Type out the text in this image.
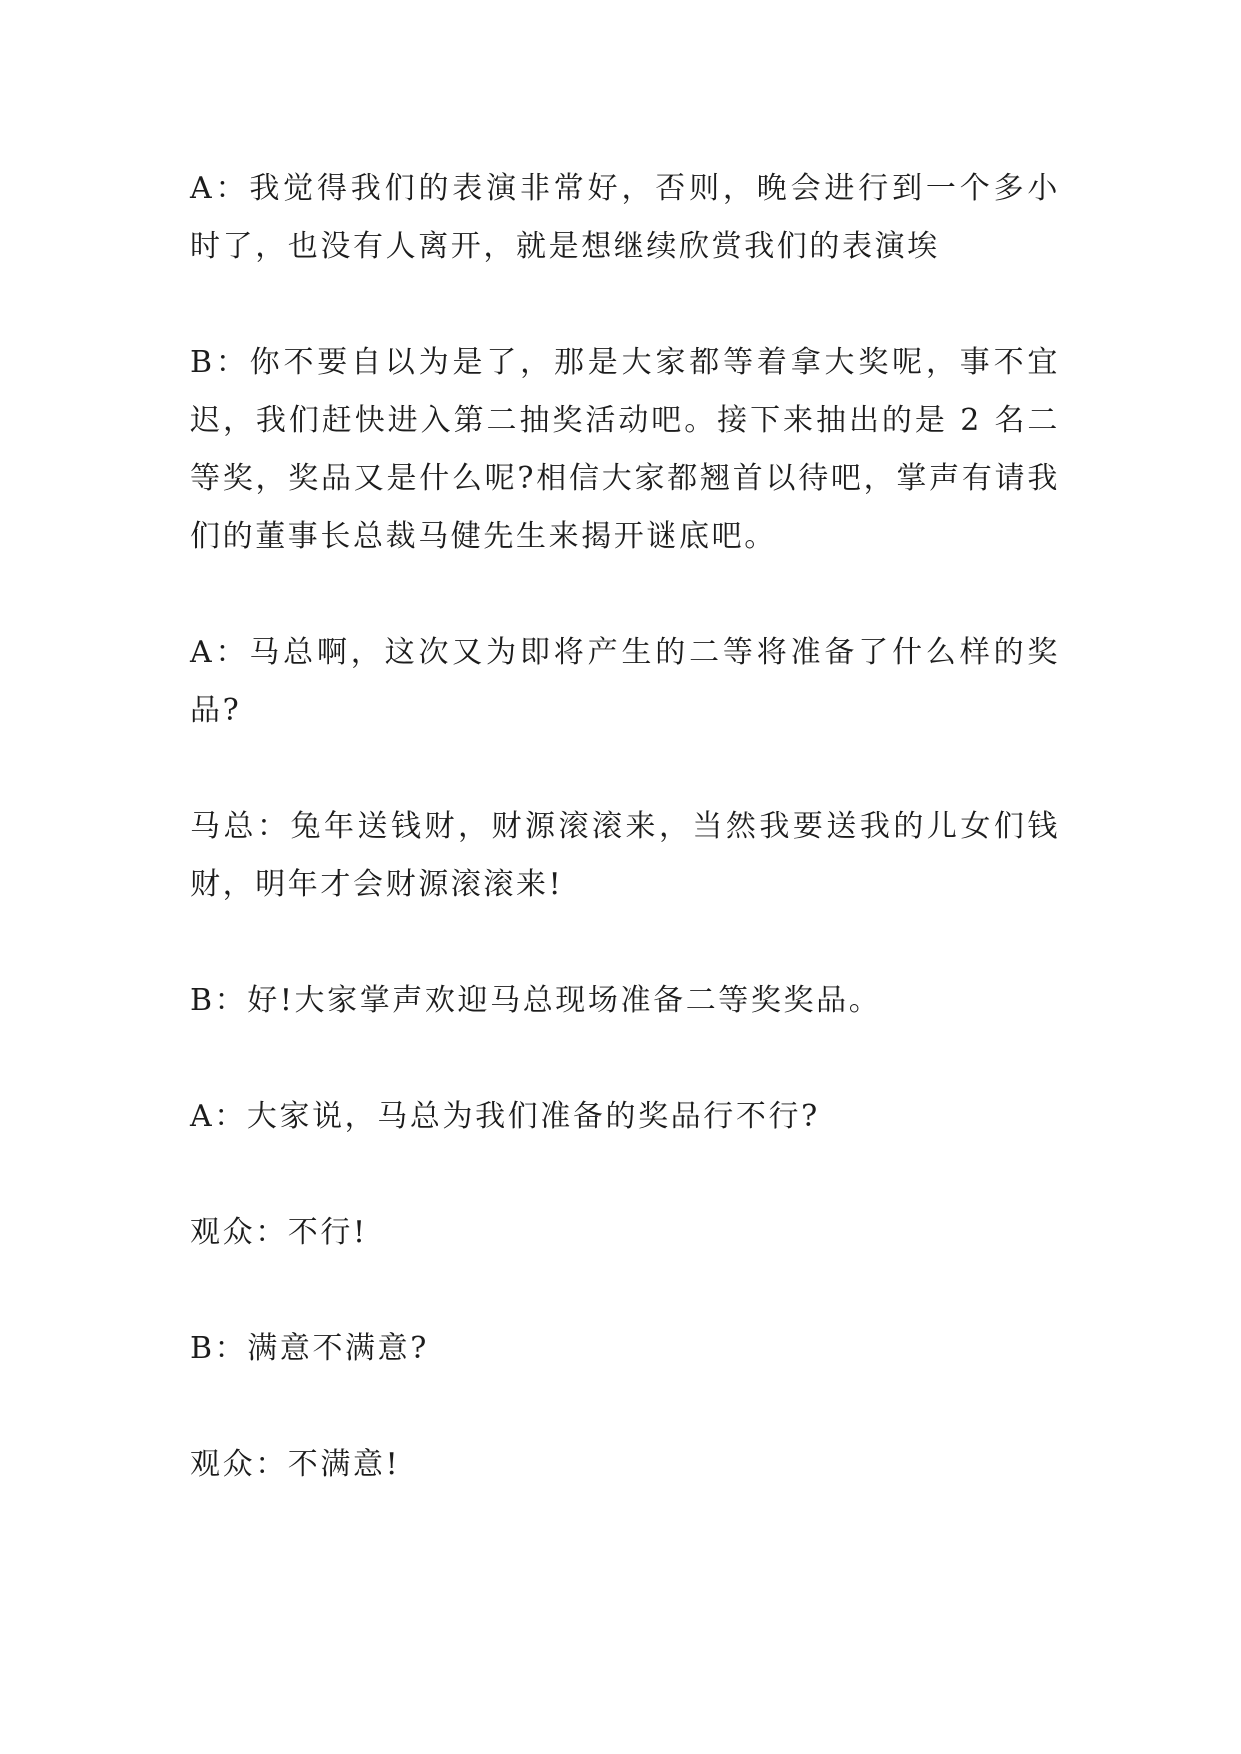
A：我觉得我们的表演非常好，否则，晚会进行到一个多小时了，也没有人离开，就是想继续欣赏我们的表演埃

B：你不要自以为是了，那是大家都等着拿大奖呢，事不宜迟，我们赶快进入第二抽奖活动吧。接下来抽出的是 2 名二等奖，奖品又是什么呢?相信大家都翘首以待吧，掌声有请我们的董事长总裁马健先生来揭开谜底吧。

A：马总啊，这次又为即将产生的二等将准备了什么样的奖品?

马总：兔年送钱财，财源滚滚来，当然我要送我的儿女们钱财，明年才会财源滚滚来!

B：好!大家掌声欢迎马总现场准备二等奖奖品。

A：大家说，马总为我们准备的奖品行不行?

观众：不行!

B：满意不满意?

观众：不满意!
